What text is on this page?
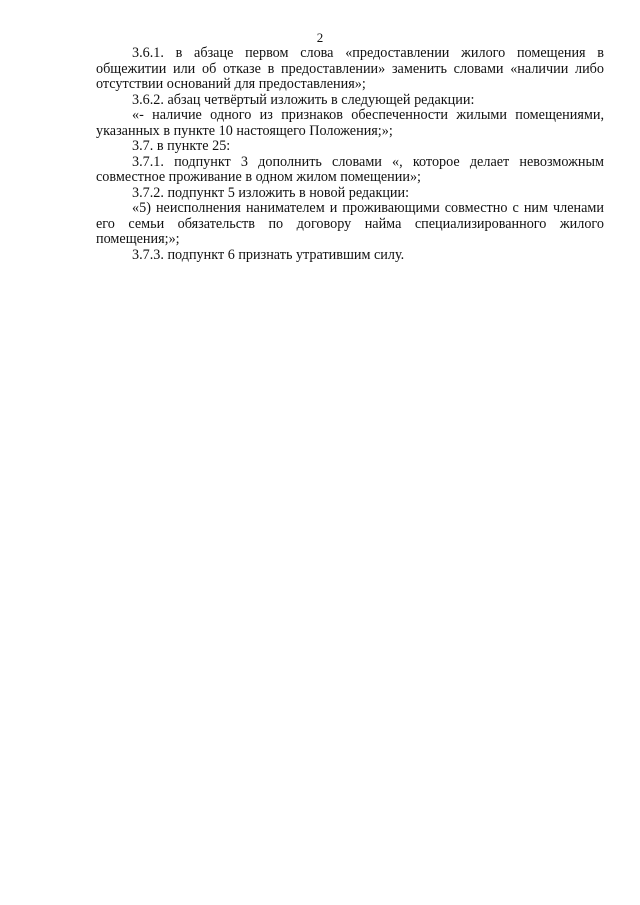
2

3.6.1. в абзаце первом слова «предоставлении жилого помещения в общежитии или об отказе в предоставлении» заменить словами «наличии либо отсутствии оснований для предоставления»;

3.6.2. абзац четвёртый изложить в следующей редакции:

«- наличие одного из признаков обеспеченности жилыми помещениями, указанных в пункте 10 настоящего Положения;»;

3.7. в пункте 25:

3.7.1. подпункт 3 дополнить словами «, которое делает невозможным совместное проживание в одном жилом помещении»;

3.7.2. подпункт 5 изложить в новой редакции:

«5) неисполнения нанимателем и проживающими совместно с ним членами его семьи обязательств по договору найма специализированного жилого помещения;»;

3.7.3. подпункт 6 признать утратившим силу.
